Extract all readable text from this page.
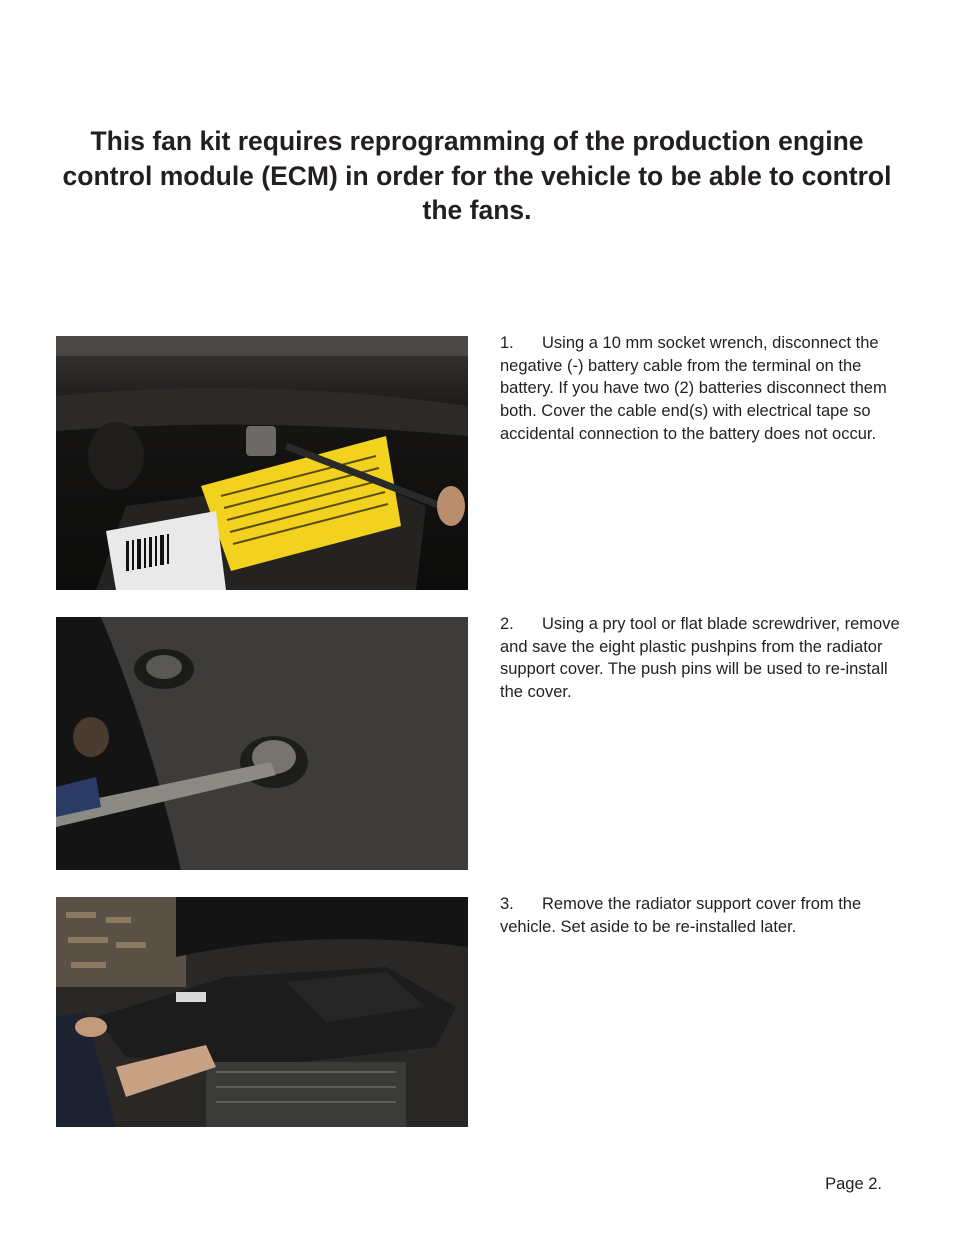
This fan kit requires reprogramming of the production engine control module (ECM) in order for the vehicle to be able to control the fans.

1. Using a 10 mm socket wrench, disconnect the negative (-) battery cable from the terminal on the battery. If you have two (2) batteries disconnect them both. Cover the cable end(s) with electrical tape so accidental connection to the battery does not occur.

2. Using a pry tool or flat blade screwdriver, remove and save the eight plastic pushpins from the radiator support cover. The push pins will be used to re-install the cover.

3. Remove the radiator support cover from the vehicle. Set aside to be re-installed later.

Page 2.
